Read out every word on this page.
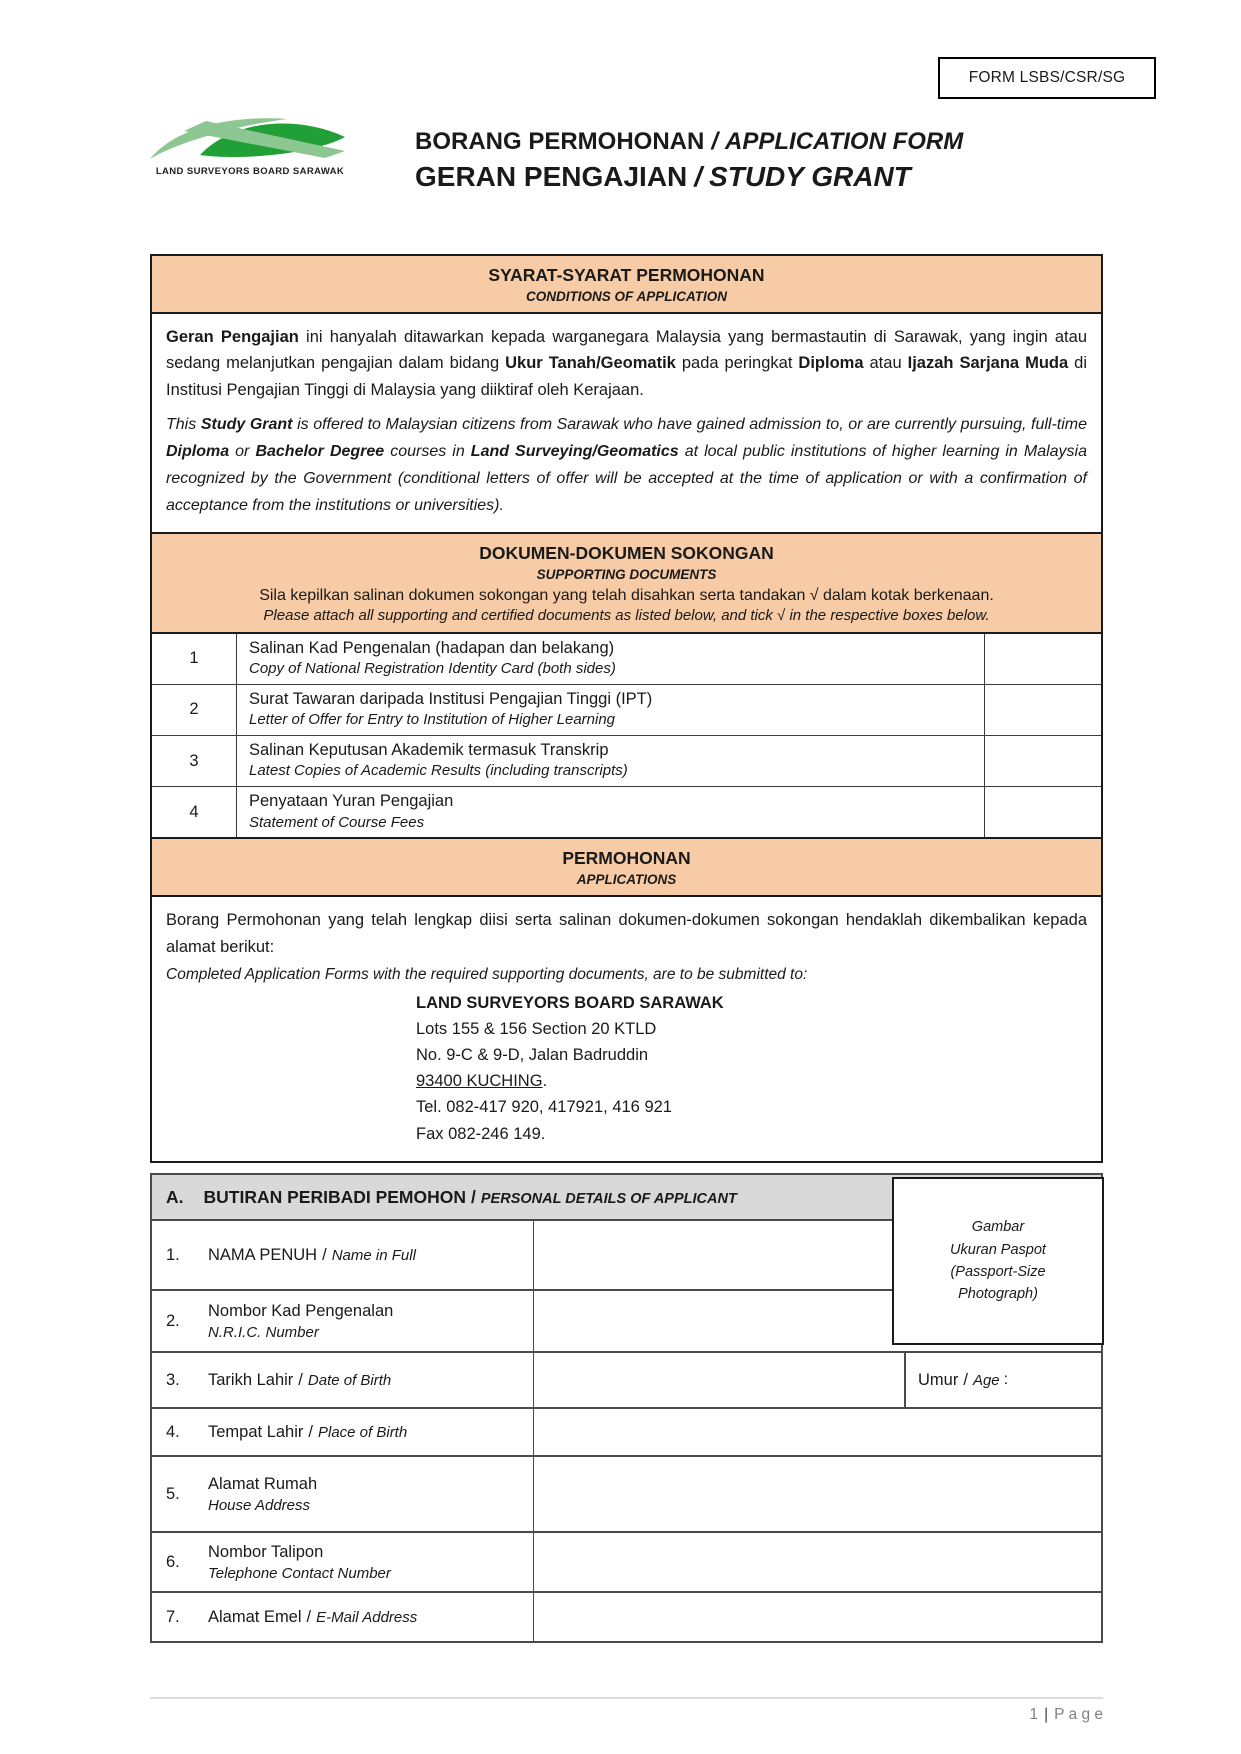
FORM LSBS/CSR/SG
LAND SURVEYORS BOARD SARAWAK
BORANG PERMOHONAN / APPLICATION FORM
GERAN PENGAJIAN / STUDY GRANT
SYARAT-SYARAT PERMOHONAN
CONDITIONS OF APPLICATION

Geran Pengajian ini hanyalah ditawarkan kepada warganegara Malaysia yang bermastautin di Sarawak, yang ingin atau sedang melanjutkan pengajian dalam bidang Ukur Tanah/Geomatik pada peringkat Diploma atau Ijazah Sarjana Muda di Institusi Pengajian Tinggi di Malaysia yang diiktiraf oleh Kerajaan.

This Study Grant is offered to Malaysian citizens from Sarawak who have gained admission to, or are currently pursuing, full-time Diploma or Bachelor Degree courses in Land Surveying/Geomatics at local public institutions of higher learning in Malaysia recognized by the Government (conditional letters of offer will be accepted at the time of application or with a confirmation of acceptance from the institutions or universities).

DOKUMEN-DOKUMEN SOKONGAN
SUPPORTING DOCUMENTS
Sila kepilkan salinan dokumen sokongan yang telah disahkan serta tandakan √ dalam kotak berkenaan.
Please attach all supporting and certified documents as listed below, and tick √ in the respective boxes below.
1
Salinan Kad Pengenalan (hadapan dan belakang)
Copy of National Registration Identity Card (both sides)
2
Surat Tawaran daripada Institusi Pengajian Tinggi (IPT)
Letter of Offer for Entry to Institution of Higher Learning
3
Salinan Keputusan Akademik termasuk Transkrip
Latest Copies of Academic Results (including transcripts)
4
Penyataan Yuran Pengajian
Statement of Course Fees
PERMOHONAN
APPLICATIONS

Borang Permohonan yang telah lengkap diisi serta salinan dokumen-dokumen sokongan hendaklah dikembalikan kepada alamat berikut:

Completed Application Forms with the required supporting documents, are to be submitted to:

LAND SURVEYORS BOARD SARAWAK
Lots 155 & 156 Section 20 KTLD
No. 9-C & 9-D, Jalan Badruddin
93400 KUCHING.
Tel. 082-417 920, 417921, 416 921
Fax 082-246 149.
A. BUTIRAN PERIBADI PEMOHON / PERSONAL DETAILS OF APPLICANT
1.	NAMA PENUH / Name in Full
2.
Nombor Kad Pengenalan
N.R.I.C. Number
3.	Tarikh Lahir / Date of Birth	Umur / Age :
4.	Tempat Lahir / Place of Birth
5.
Alamat Rumah
House Address
6.
Nombor Talipon
Telephone Contact Number
7.	Alamat Emel / E-Mail Address
Gambar
Ukuran Paspot
(Passport-Size
Photograph)
1 | P a g e
